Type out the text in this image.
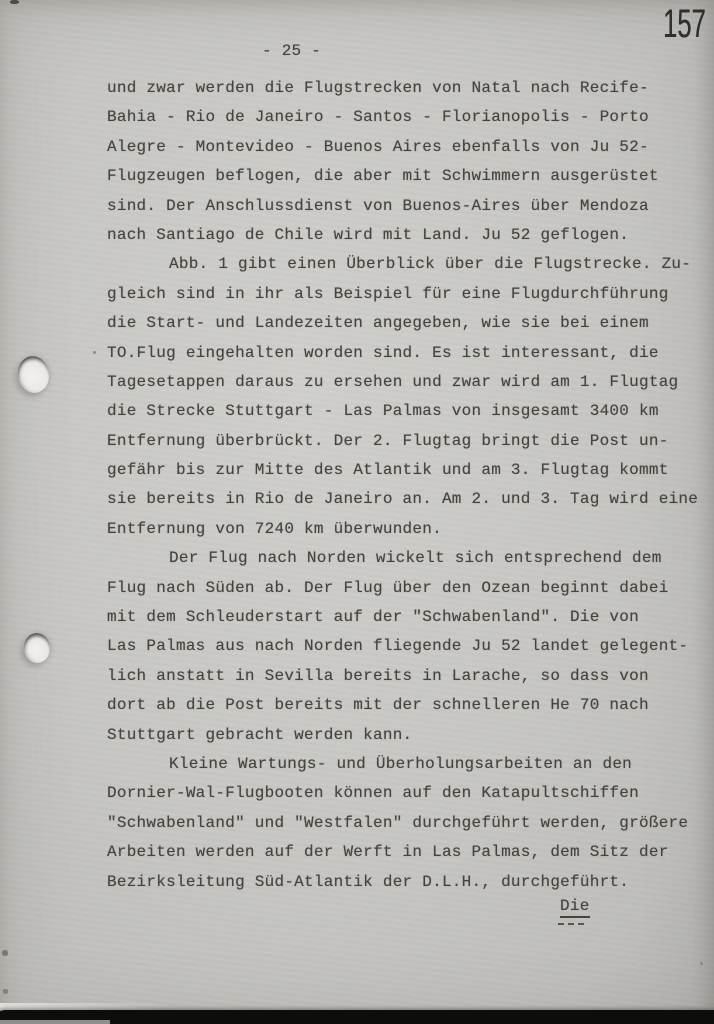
157
- 25 -
und zwar werden die Flugstrecken von Natal nach Recife-
Bahia - Rio de Janeiro - Santos - Florianopolis - Porto
Alegre - Montevideo - Buenos Aires ebenfalls von Ju 52-
Flugzeugen beflogen, die aber mit Schwimmern ausgerüstet
sind. Der Anschlussdienst von Buenos-Aires über Mendoza
nach Santiago de Chile wird mit Land. Ju 52 geflogen.
Abb. 1 gibt einen Überblick über die Flugstrecke. Zu-
gleich sind in ihr als Beispiel für eine Flugdurchführung
die Start- und Landezeiten angegeben, wie sie bei einem
TO.Flug eingehalten worden sind. Es ist interessant, die
Tagesetappen daraus zu ersehen und zwar wird am 1. Flugtag
die Strecke Stuttgart - Las Palmas von insgesamt 3400 km
Entfernung überbrückt. Der 2. Flugtag bringt die Post un-
gefähr bis zur Mitte des Atlantik und am 3. Flugtag kommt
sie bereits in Rio de Janeiro an. Am 2. und 3. Tag wird eine
Entfernung von 7240 km überwunden.
Der Flug nach Norden wickelt sich entsprechend dem
Flug nach Süden ab. Der Flug über den Ozean beginnt dabei
mit dem Schleuderstart auf der "Schwabenland". Die von
Las Palmas aus nach Norden fliegende Ju 52 landet gelegent-
lich anstatt in Sevilla bereits in Larache, so dass von
dort ab die Post bereits mit der schnelleren He 70 nach
Stuttgart gebracht werden kann.
Kleine Wartungs- und Überholungsarbeiten an den
Dornier-Wal-Flugbooten können auf den Katapultschiffen
"Schwabenland" und "Westfalen" durchgeführt werden, größere
Arbeiten werden auf der Werft in Las Palmas, dem Sitz der
Bezirksleitung Süd-Atlantik der D.L.H., durchgeführt.
Die
